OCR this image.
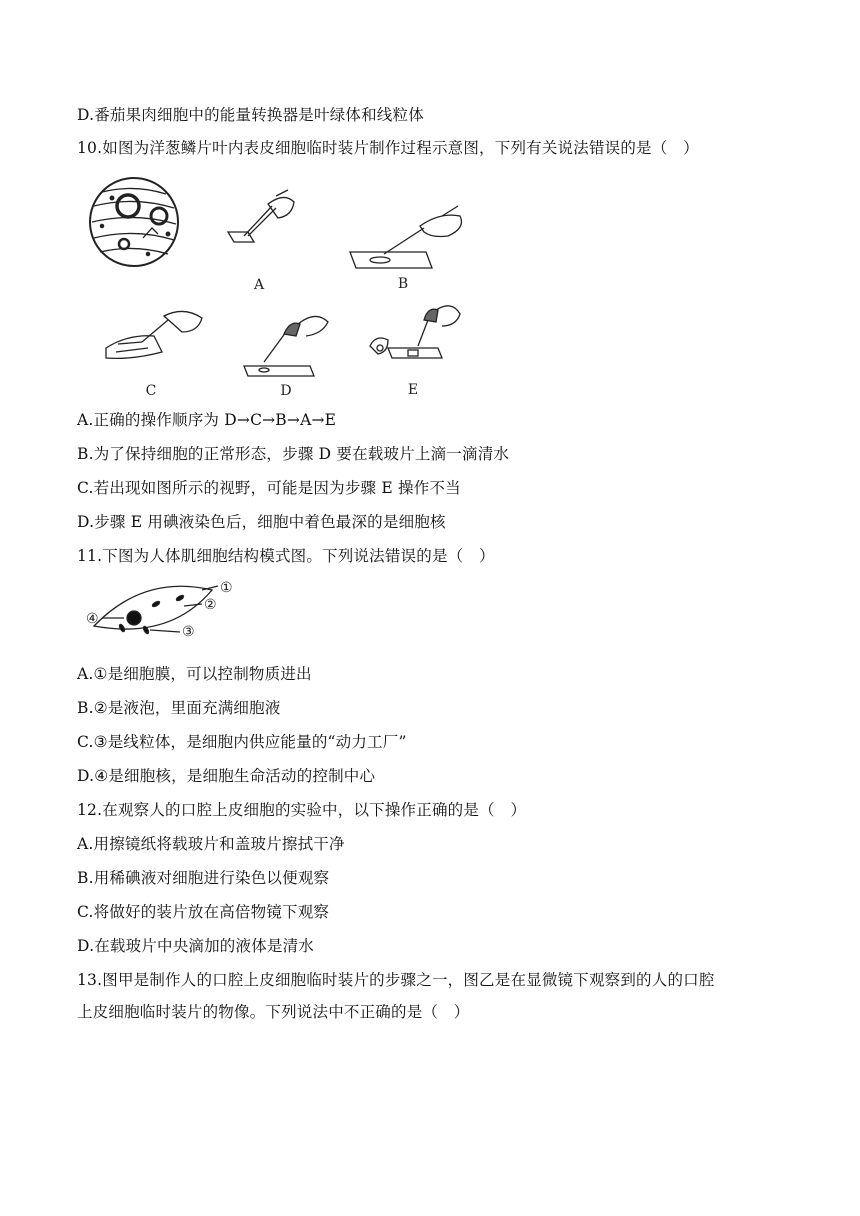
D.番茄果肉细胞中的能量转换器是叶绿体和线粒体
10.如图为洋葱鳞片叶内表皮细胞临时装片制作过程示意图，下列有关说法错误的是（　）
A	B
C	D	E
A.正确的操作顺序为 D→C→B→A→E
B.为了保持细胞的正常形态，步骤 D 要在载玻片上滴一滴清水
C.若出现如图所示的视野，可能是因为步骤 E 操作不当
D.步骤 E 用碘液染色后，细胞中着色最深的是细胞核
11.下图为人体肌细胞结构模式图。下列说法错误的是（　）
①
②
③
④
A.①是细胞膜，可以控制物质进出
B.②是液泡，里面充满细胞液
C.③是线粒体，是细胞内供应能量的“动力工厂”
D.④是细胞核，是细胞生命活动的控制中心
12.在观察人的口腔上皮细胞的实验中，以下操作正确的是（　）
A.用擦镜纸将载玻片和盖玻片擦拭干净
B.用稀碘液对细胞进行染色以便观察
C.将做好的装片放在高倍物镜下观察
D.在载玻片中央滴加的液体是清水
13.图甲是制作人的口腔上皮细胞临时装片的步骤之一，图乙是在显微镜下观察到的人的口腔
上皮细胞临时装片的物像。下列说法中不正确的是（　）
